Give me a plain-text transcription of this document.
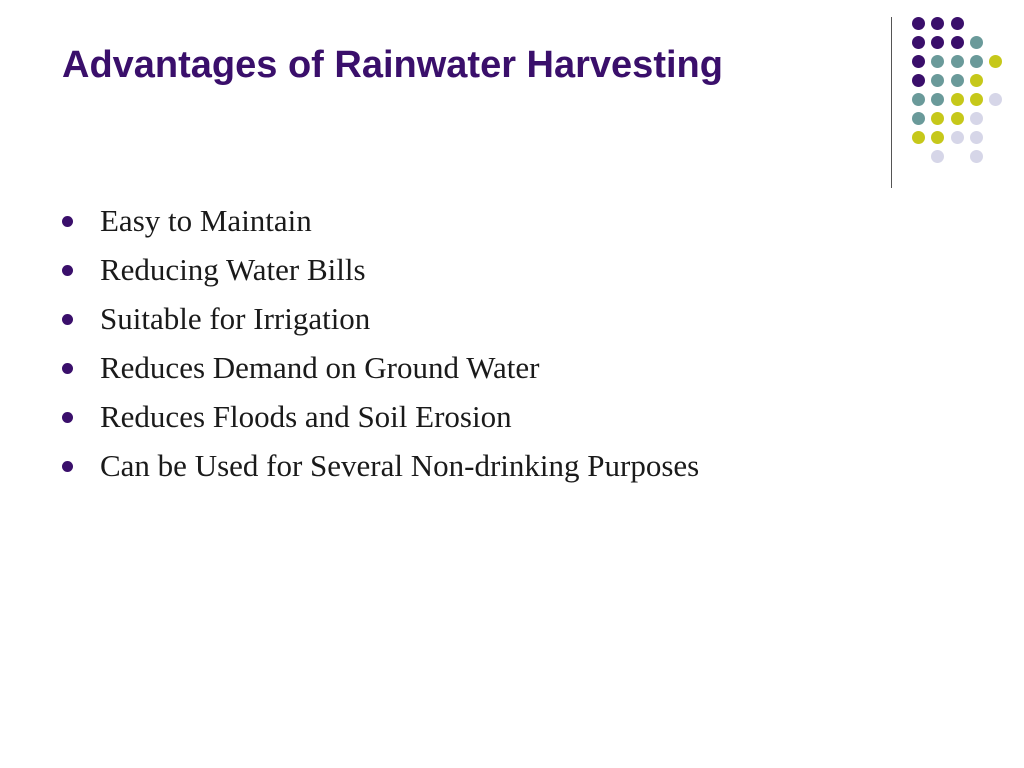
Advantages of Rainwater Harvesting
Easy to Maintain
Reducing Water Bills
Suitable for Irrigation
Reduces Demand on Ground Water
Reduces Floods and Soil Erosion
Can be Used for Several Non-drinking Purposes
